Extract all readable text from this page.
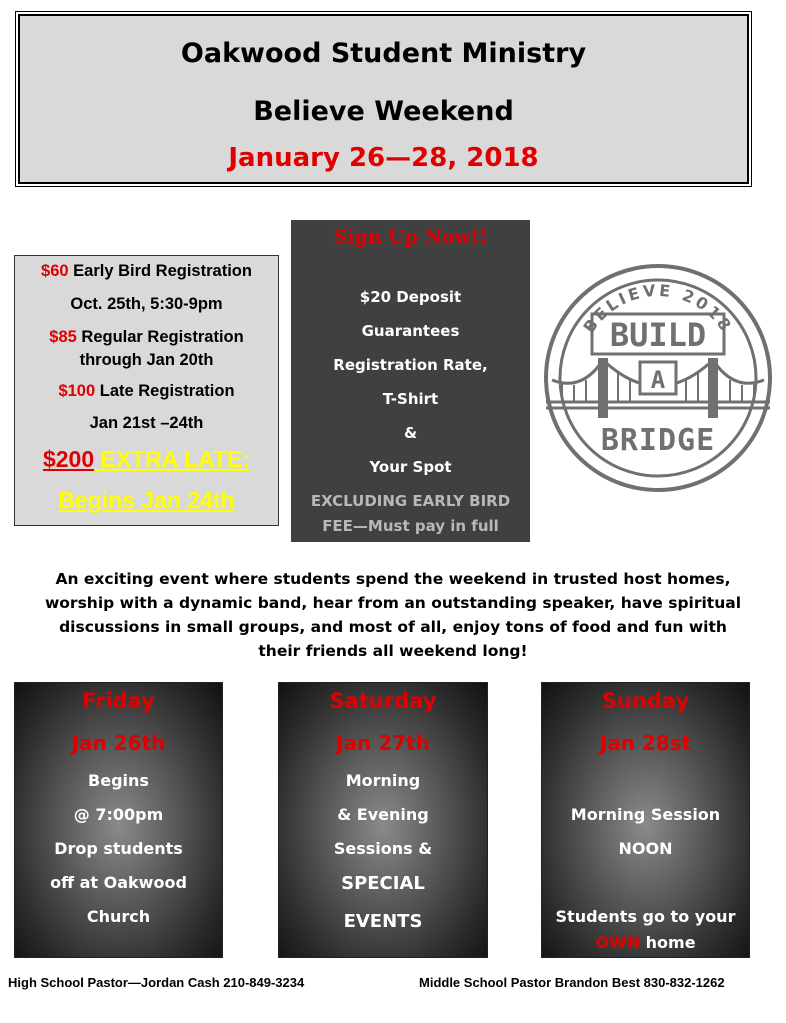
Oakwood Student Ministry
Believe Weekend
January 26—28, 2018
$60 Early Bird Registration
Oct. 25th, 5:30-9pm
$85 Regular Registration
through Jan 20th
$100 Late Registration
Jan 21st –24th
$200 EXTRA LATE:
Begins Jan 24th
Sign Up Now!!
$20 Deposit
Guarantees
Registration Rate,
T-Shirt
&
Your Spot
EXCLUDING EARLY BIRD
FEE—Must pay in full
BELIEVE 2018
BUILD
A
BRIDGE
An exciting event where students spend the weekend in trusted host homes,
worship with a dynamic band, hear from an outstanding speaker, have spiritual
discussions in small groups, and most of all, enjoy tons of food and fun with
their friends all weekend long!
Friday
Jan 26th
Begins
@ 7:00pm
Drop students
off at Oakwood
Church
Saturday
Jan 27th
Morning
& Evening
Sessions &
SPECIAL
EVENTS
Sunday
Jan 28st
Morning Session
NOON
Students go to your
OWN home
High School Pastor—Jordan Cash 210-849-3234	Middle School Pastor Brandon Best 830-832-1262
